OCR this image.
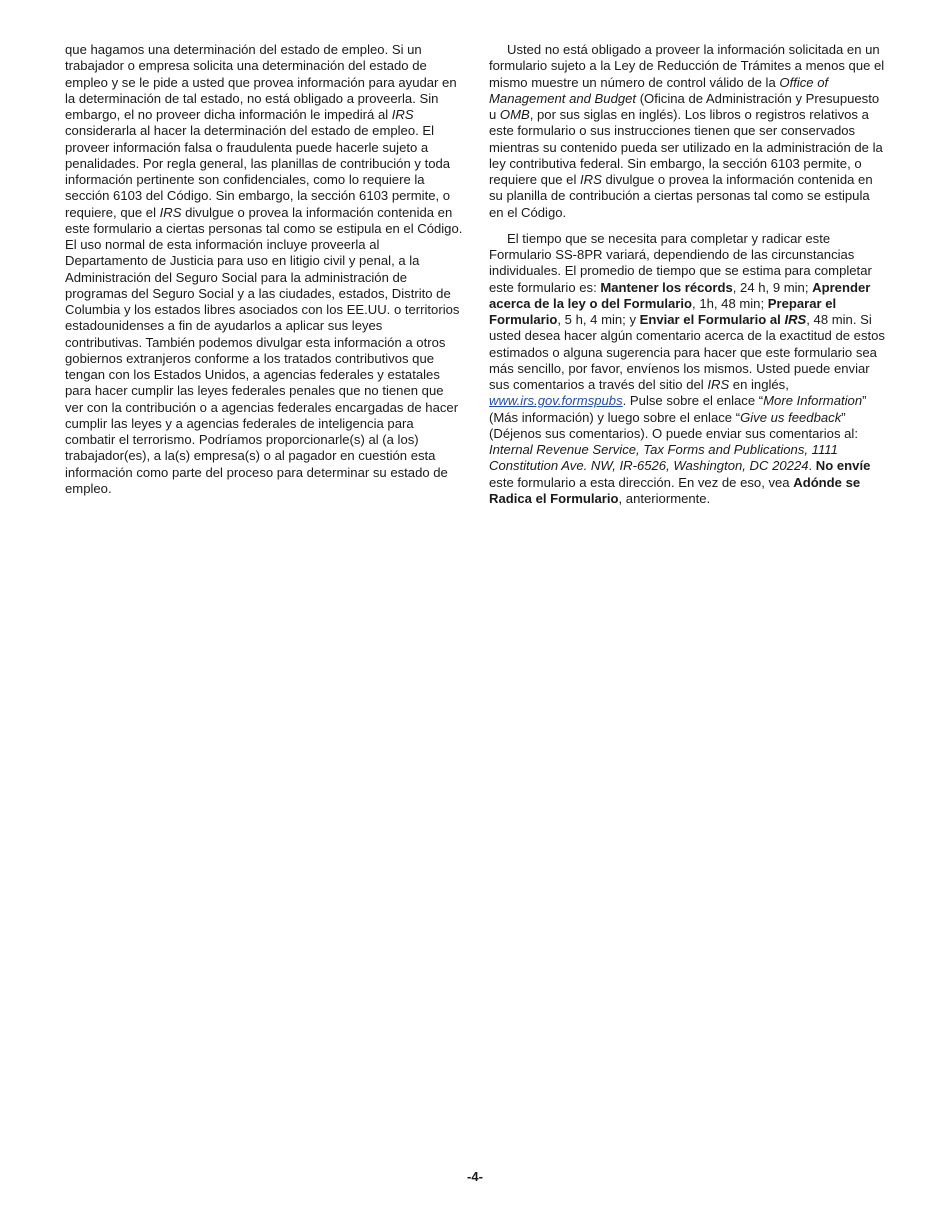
que hagamos una determinación del estado de empleo. Si un trabajador o empresa solicita una determinación del estado de empleo y se le pide a usted que provea información para ayudar en la determinación de tal estado, no está obligado a proveerla. Sin embargo, el no proveer dicha información le impedirá al IRS considerarla al hacer la determinación del estado de empleo. El proveer información falsa o fraudulenta puede hacerle sujeto a penalidades. Por regla general, las planillas de contribución y toda información pertinente son confidenciales, como lo requiere la sección 6103 del Código. Sin embargo, la sección 6103 permite, o requiere, que el IRS divulgue o provea la información contenida en este formulario a ciertas personas tal como se estipula en el Código. El uso normal de esta información incluye proveerla al Departamento de Justicia para uso en litigio civil y penal, a la Administración del Seguro Social para la administración de programas del Seguro Social y a las ciudades, estados, Distrito de Columbia y los estados libres asociados con los EE.UU. o territorios estadounidenses a fin de ayudarlos a aplicar sus leyes contributivas. También podemos divulgar esta información a otros gobiernos extranjeros conforme a los tratados contributivos que tengan con los Estados Unidos, a agencias federales y estatales para hacer cumplir las leyes federales penales que no tienen que ver con la contribución o a agencias federales encargadas de hacer cumplir las leyes y a agencias federales de inteligencia para combatir el terrorismo. Podríamos proporcionarle(s) al (a los) trabajador(es), a la(s) empresa(s) o al pagador en cuestión esta información como parte del proceso para determinar su estado de empleo.

Usted no está obligado a proveer la información solicitada en un formulario sujeto a la Ley de Reducción de Trámites a menos que el mismo muestre un número de control válido de la Office of Management and Budget (Oficina de Administración y Presupuesto u OMB, por sus siglas en inglés). Los libros o registros relativos a este formulario o sus instrucciones tienen que ser conservados mientras su contenido pueda ser utilizado en la administración de la ley contributiva federal. Sin embargo, la sección 6103 permite, o requiere que el IRS divulgue o provea la información contenida en su planilla de contribución a ciertas personas tal como se estipula en el Código.

El tiempo que se necesita para completar y radicar este Formulario SS-8PR variará, dependiendo de las circunstancias individuales. El promedio de tiempo que se estima para completar este formulario es: Mantener los récords, 24 h, 9 min; Aprender acerca de la ley o del Formulario, 1h, 48 min; Preparar el Formulario, 5 h, 4 min; y Enviar el Formulario al IRS, 48 min. Si usted desea hacer algún comentario acerca de la exactitud de estos estimados o alguna sugerencia para hacer que este formulario sea más sencillo, por favor, envíenos los mismos. Usted puede enviar sus comentarios a través del sitio del IRS en inglés, www.irs.gov.formspubs. Pulse sobre el enlace “More Information” (Más información) y luego sobre el enlace “Give us feedback” (Déjenos sus comentarios). O puede enviar sus comentarios al: Internal Revenue Service, Tax Forms and Publications, 1111 Constitution Ave. NW, IR-6526, Washington, DC 20224. No envíe este formulario a esta dirección. En vez de eso, vea Adónde se Radica el Formulario, anteriormente.

-4-
